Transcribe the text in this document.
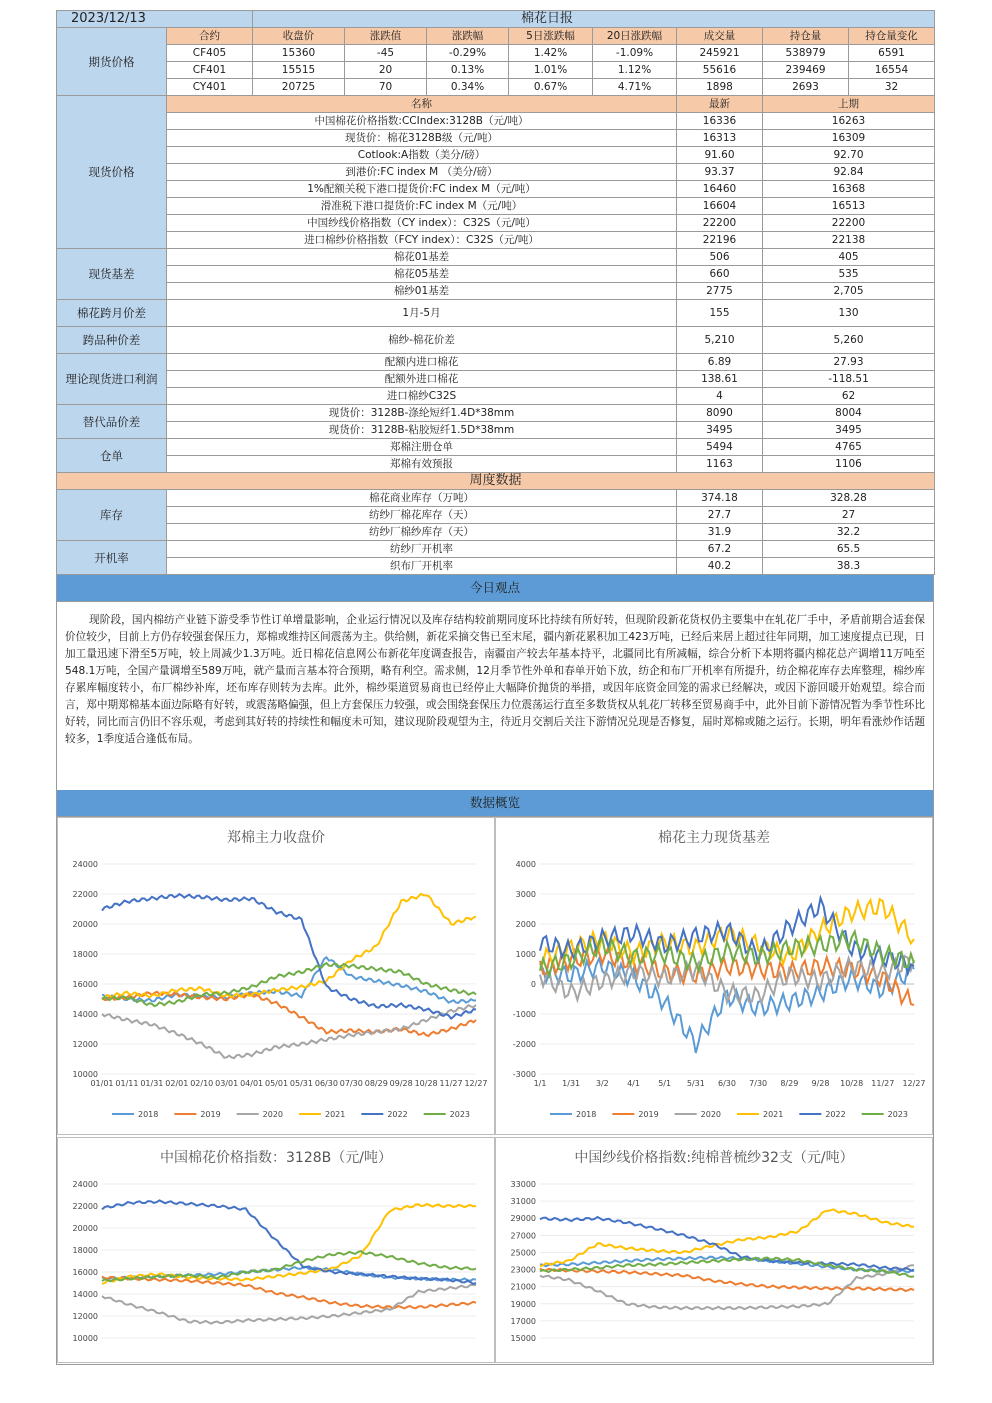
2023/12/13		棉花日报								
期货价格	合约	收盘价	涨跌值	涨跌幅	5日涨跌幅	20日涨跌幅	成交量	持仓量	持仓量变化	
	CF405	15360	-45	-0.29%	1.42%	-1.09%	245921	538979	6591	
	CF401	15515	20	0.13%	1.01%	1.12%	55616	239469	16554	
	CY401	20725	70	0.34%	0.67%	4.71%	1898	2693	32	
现货价格	名称						最新	上期	
	中国棉花价格指数:CCIndex:3128B（元/吨）						16336	16263	
	现货价：棉花3128B级（元/吨）						16313	16309	
	Cotlook:A指数（美分/磅）						91.60	92.70	
	到港价:FC index M （美分/磅）						93.37	92.84	
	1%配额关税下港口提货价:FC index M（元/吨）						16460	16368	
	滑准税下港口提货价:FC index M（元/吨）						16604	16513	
	中国纱线价格指数（CY index）：C32S（元/吨）						22200	22200	
	进口棉纱价格指数（FCY index）：C32S（元/吨）						22196	22138	
现货基差	棉花01基差						506	405	
	棉花05基差						660	535	
	棉纱01基差						2775	2,705	
棉花跨月价差	1月-5月						155	130	
跨品种价差	棉纱-棉花价差						5,210	5,260	
理论现货进口利润	配额内进口棉花						6.89	27.93	
	配额外进口棉花						138.61	-118.51	
	进口棉纱C32S						4	62	
替代品价差	现货价：3128B-涤纶短纤1.4D*38mm						8090	8004	
	现货价：3128B-粘胶短纤1.5D*38mm						3495	3495	
仓单	郑棉注册仓单						5494	4765	
	郑棉有效预报						1163	1106	
周度数据										
库存	棉花商业库存（万吨）						374.18	328.28	
	纺纱厂棉花库存（天）						27.7	27	
	纺纱厂棉纱库存（天）						31.9	32.2	
开机率	纺纱厂开机率						67.2	65.5	
	织布厂开机率						40.2	38.3	
今日观点
现阶段，国内棉纺产业链下游受季节性订单增量影响，企业运行情况以及库存结构较前期同度环比持续有所好转，但现阶段新花货权仍主要集中在轧花厂手中，矛盾前期合适套保价位较少，目前上方仍存较强套保压力，郑棉或维持区间震荡为主。供给侧，新花采摘交售已至末尾，疆内新花累积加工423万吨，已经后来居上超过往年同期，加工速度提点已现，日加工量迅速下滑至5万吨，较上周减少1.3万吨。近日棉花信息网公布新花年度调查报告，南疆亩产较去年基本持平，北疆同比有所减幅，综合分析下本期将疆内棉花总产调增11万吨至548.1万吨，全国产量调增至589万吨，就产量而言基本符合预期，略有利空。需求侧，12月季节性外单和春单开始下放，纺企和布厂开机率有所提升，纺企棉花库存去库整理，棉纱库存累库幅度转小，布厂棉纱补库，坯布库存则转为去库。此外，棉纱渠道贸易商也已经停止大幅降价抛货的举措，或因年底资金回笼的需求已经解决，或因下游回暖开始观望。综合而言，郑中期郑棉基本面边际略有好转，或震荡略偏强，但上方套保压力较强，或会围绕套保压力位震荡运行直至多数货权从轧花厂转移至贸易商手中，此外目前下游情况暂为季节性环比好转，同比而言仍旧不容乐观，考虑到其好转的持续性和幅度未可知，建议现阶段观望为主，待近月交割后关注下游情况兑现是否修复，届时郑棉或随之运行。长期，明年看涨炒作话题较多，1季度适合逢低布局。
数据概览
郑棉主力收盘价
10000
12000
14000
16000
18000
20000
22000
24000
01/01 01/11 01/31 02/01 02/10 03/01 04/01 05/01 05/31 06/30 07/30 08/29 09/28 10/28 11/27 12/27
2018	2019	2020	2021	2022	2023
棉花主力现货基差
-3000
-2000
-1000
0
1000
2000
3000
4000
1/1 1/31 3/2 4/1 5/1 5/31 6/30 7/30 8/29 9/28 10/28 11/27 12/27
2018	2019	2020	2021	2022	2023
中国棉花价格指数：3128B（元/吨）
10000
12000
14000
16000
18000
20000
22000
24000
中国纱线价格指数:纯棉普梳纱32支（元/吨）
15000
17000
19000
21000
23000
25000
27000
29000
31000
33000
